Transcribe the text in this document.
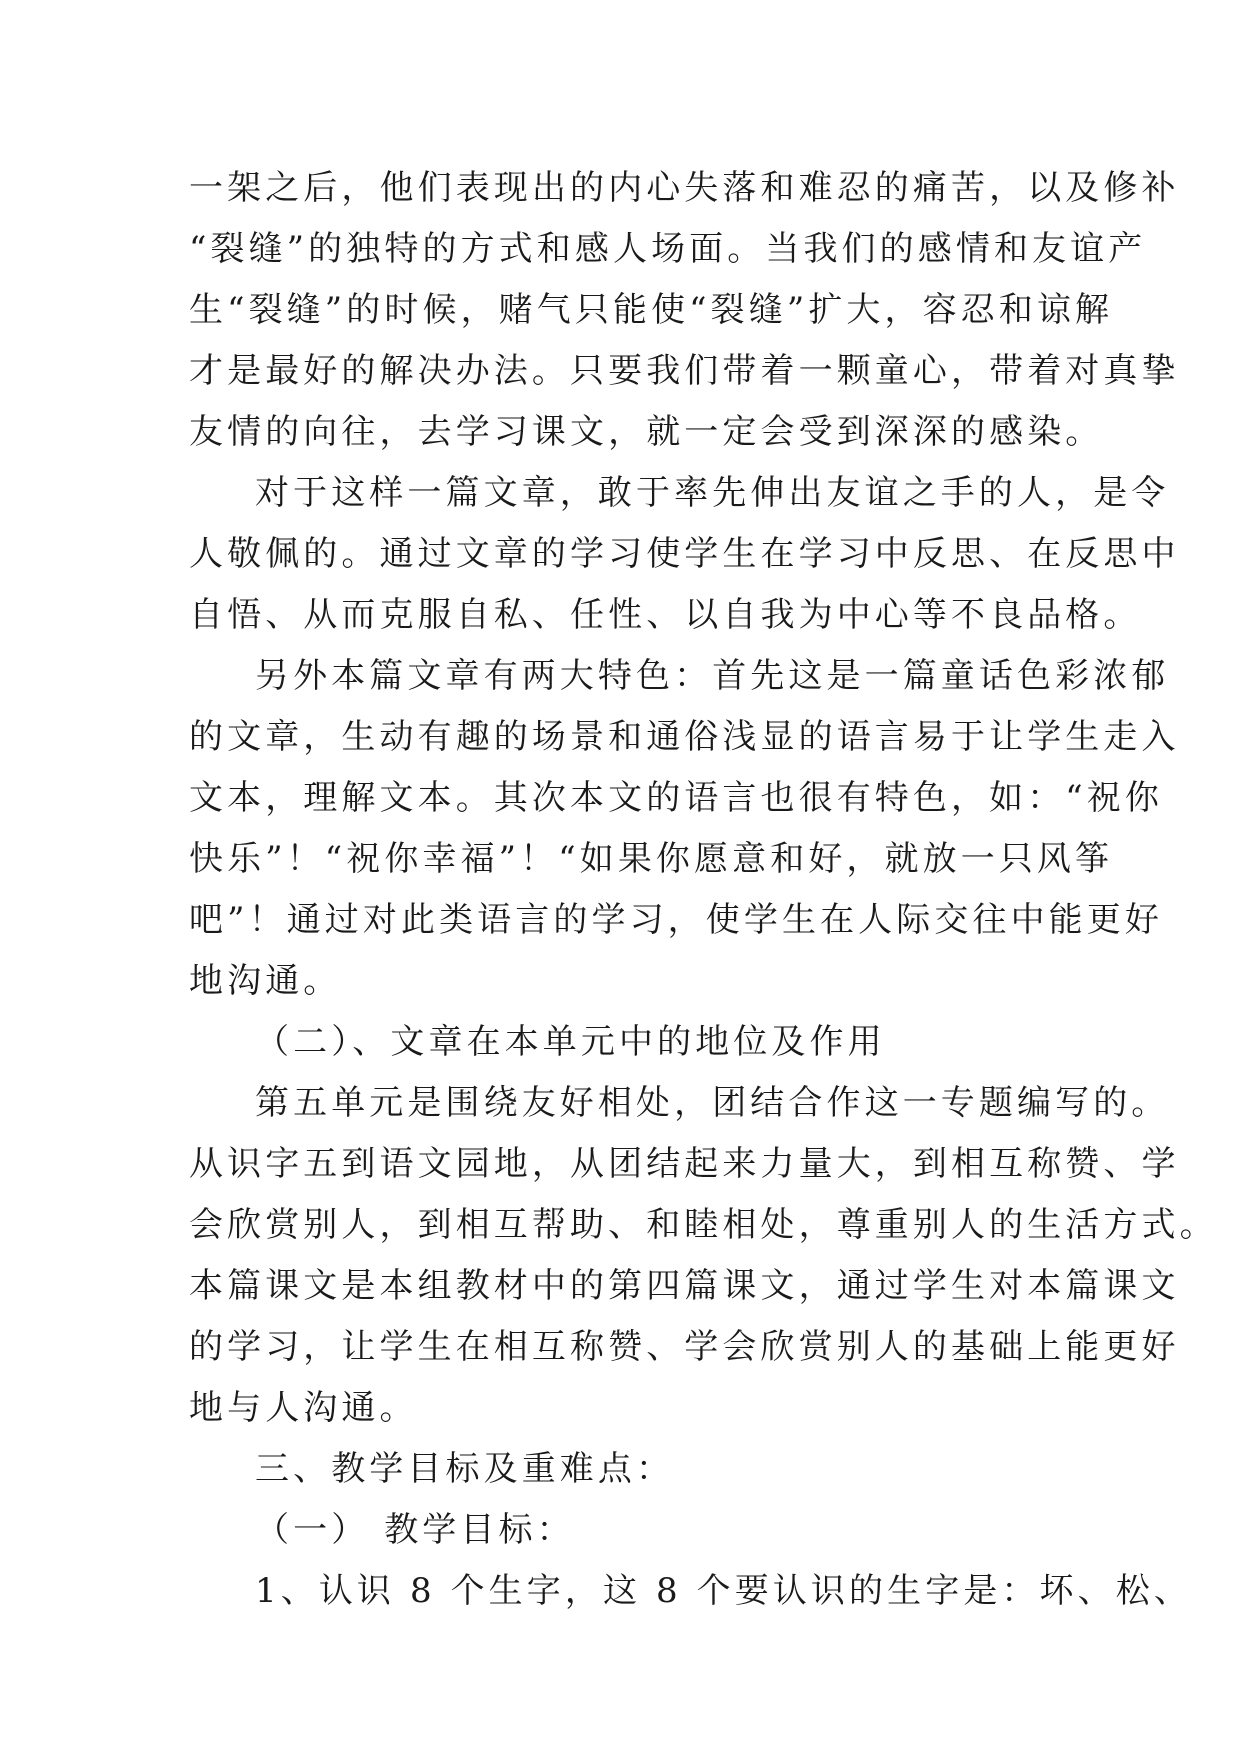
一架之后，他们表现出的内心失落和难忍的痛苦，以及修补
“裂缝”的独特的方式和感人场面。当我们的感情和友谊产
生“裂缝”的时候，赌气只能使“裂缝”扩大，容忍和谅解
才是最好的解决办法。只要我们带着一颗童心，带着对真挚
友情的向往，去学习课文，就一定会受到深深的感染。
对于这样一篇文章，敢于率先伸出友谊之手的人，是令
人敬佩的。通过文章的学习使学生在学习中反思、在反思中
自悟、从而克服自私、任性、以自我为中心等不良品格。
另外本篇文章有两大特色：首先这是一篇童话色彩浓郁
的文章，生动有趣的场景和通俗浅显的语言易于让学生走入
文本，理解文本。其次本文的语言也很有特色，如：“祝你
快乐”！“祝你幸福”！“如果你愿意和好，就放一只风筝
吧”！通过对此类语言的学习，使学生在人际交往中能更好
地沟通。
（二）、文章在本单元中的地位及作用
第五单元是围绕友好相处，团结合作这一专题编写的。
从识字五到语文园地，从团结起来力量大，到相互称赞、学
会欣赏别人，到相互帮助、和睦相处，尊重别人的生活方式。
本篇课文是本组教材中的第四篇课文，通过学生对本篇课文
的学习，让学生在相互称赞、学会欣赏别人的基础上能更好
地与人沟通。
三、教学目标及重难点：
（一） 教学目标：
1、认识 8 个生字，这 8 个要认识的生字是：坏、松、
